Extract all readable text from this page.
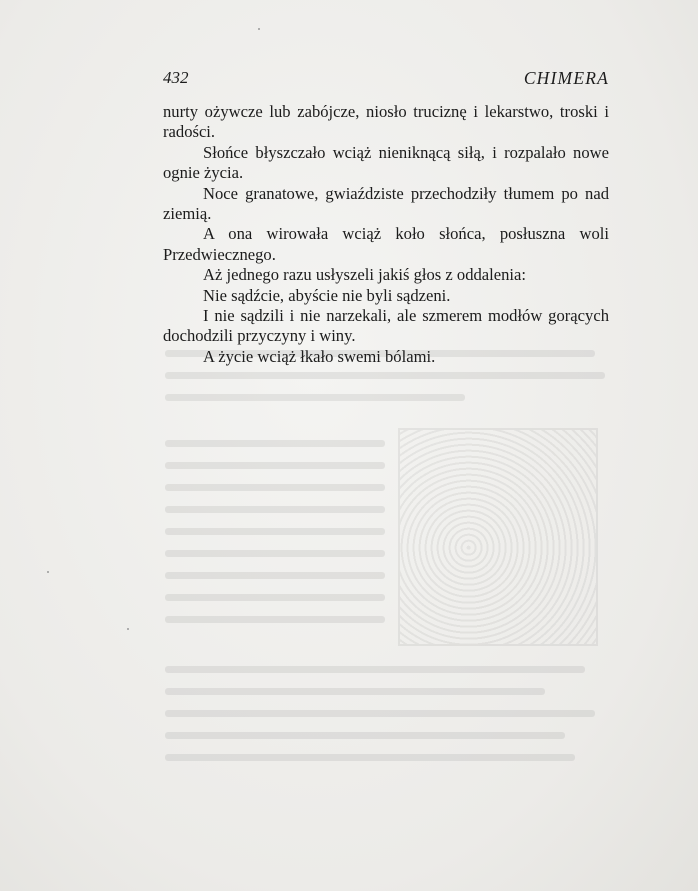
432	CHIMERA

nurty ożywcze lub zabójcze, niosło truciznę i lekarstwo, troski i radości.

Słońce błyszczało wciąż nieniknącą siłą, i rozpalało nowe ognie życia.

Noce granatowe, gwiaździste przechodziły tłumem po nad ziemią.

A ona wirowała wciąż koło słońca, posłuszna woli Przedwiecznego.

Aż jednego razu usłyszeli jakiś głos z oddalenia:

Nie sądźcie, abyście nie byli sądzeni.

I nie sądzili i nie narzekali, ale szmerem modłów gorących dochodzili przyczyny i winy.

A życie wciąż łkało swemi bólami.
